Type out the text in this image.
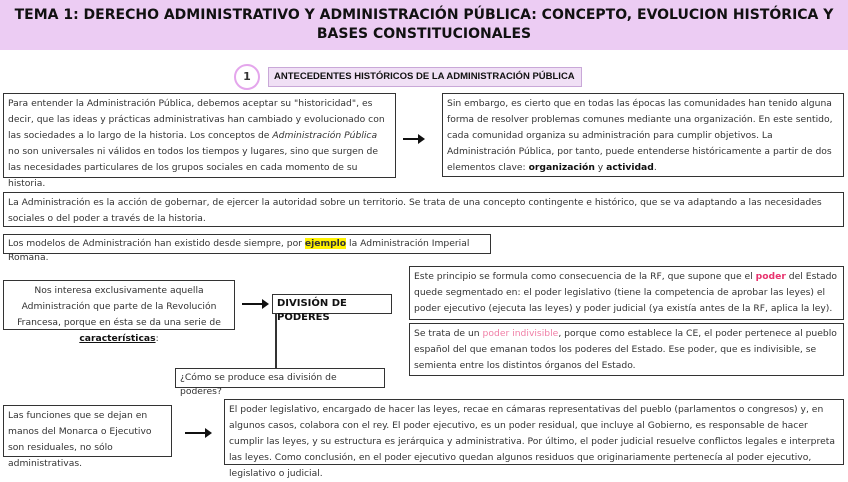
TEMA 1: DERECHO ADMINISTRATIVO Y ADMINISTRACIÓN PÚBLICA: CONCEPTO, EVOLUCION HISTÓRICA Y BASES CONSTITUCIONALES
1	ANTECEDENTES HISTÓRICOS DE LA ADMINISTRACIÓN PÚBLICA
Para entender la Administración Pública, debemos aceptar su "historicidad", es decir, que las ideas y prácticas administrativas han cambiado y evolucionado con las sociedades a lo largo de la historia. Los conceptos de Administración Pública no son universales ni válidos en todos los tiempos y lugares, sino que surgen de las necesidades particulares de los grupos sociales en cada momento de su historia.
Sin embargo, es cierto que en todas las épocas las comunidades han tenido alguna forma de resolver problemas comunes mediante una organización. En este sentido, cada comunidad organiza su administración para cumplir objetivos. La Administración Pública, por tanto, puede entenderse históricamente a partir de dos elementos clave: organización y actividad.
La Administración es la acción de gobernar, de ejercer la autoridad sobre un territorio. Se trata de una concepto contingente e histórico, que se va adaptando a las necesidades sociales o del poder a través de la historia.
Los modelos de Administración han existido desde siempre, por ejemplo la Administración Imperial Romana.
Nos interesa exclusivamente aquella Administración que parte de la Revolución Francesa, porque en ésta se da una serie de características:
DIVISIÓN DE PODERES
¿Cómo se produce esa división de poderes?
Este principio se formula como consecuencia de la RF, que supone que el poder del Estado quede segmentado en: el poder legislativo (tiene la competencia de aprobar las leyes) el poder ejecutivo (ejecuta las leyes) y poder judicial (ya existía antes de la RF, aplica la ley).
Se trata de un poder indivisible, porque como establece la CE, el poder pertenece al pueblo español del que emanan todos los poderes del Estado. Ese poder, que es indivisible, se semienta entre los distintos órganos del Estado.
Las funciones que se dejan en manos del Monarca o Ejecutivo son residuales, no sólo administrativas.
El poder legislativo, encargado de hacer las leyes, recae en cámaras representativas del pueblo (parlamentos o congresos) y, en algunos casos, colabora con el rey. El poder ejecutivo, es un poder residual, que incluye al Gobierno, es responsable de hacer cumplir las leyes, y su estructura es jerárquica y administrativa. Por último, el poder judicial resuelve conflictos legales e interpreta las leyes. Como conclusión, en el poder ejecutivo quedan algunos residuos que originariamente pertenecía al poder ejecutivo, legislativo o judicial.
